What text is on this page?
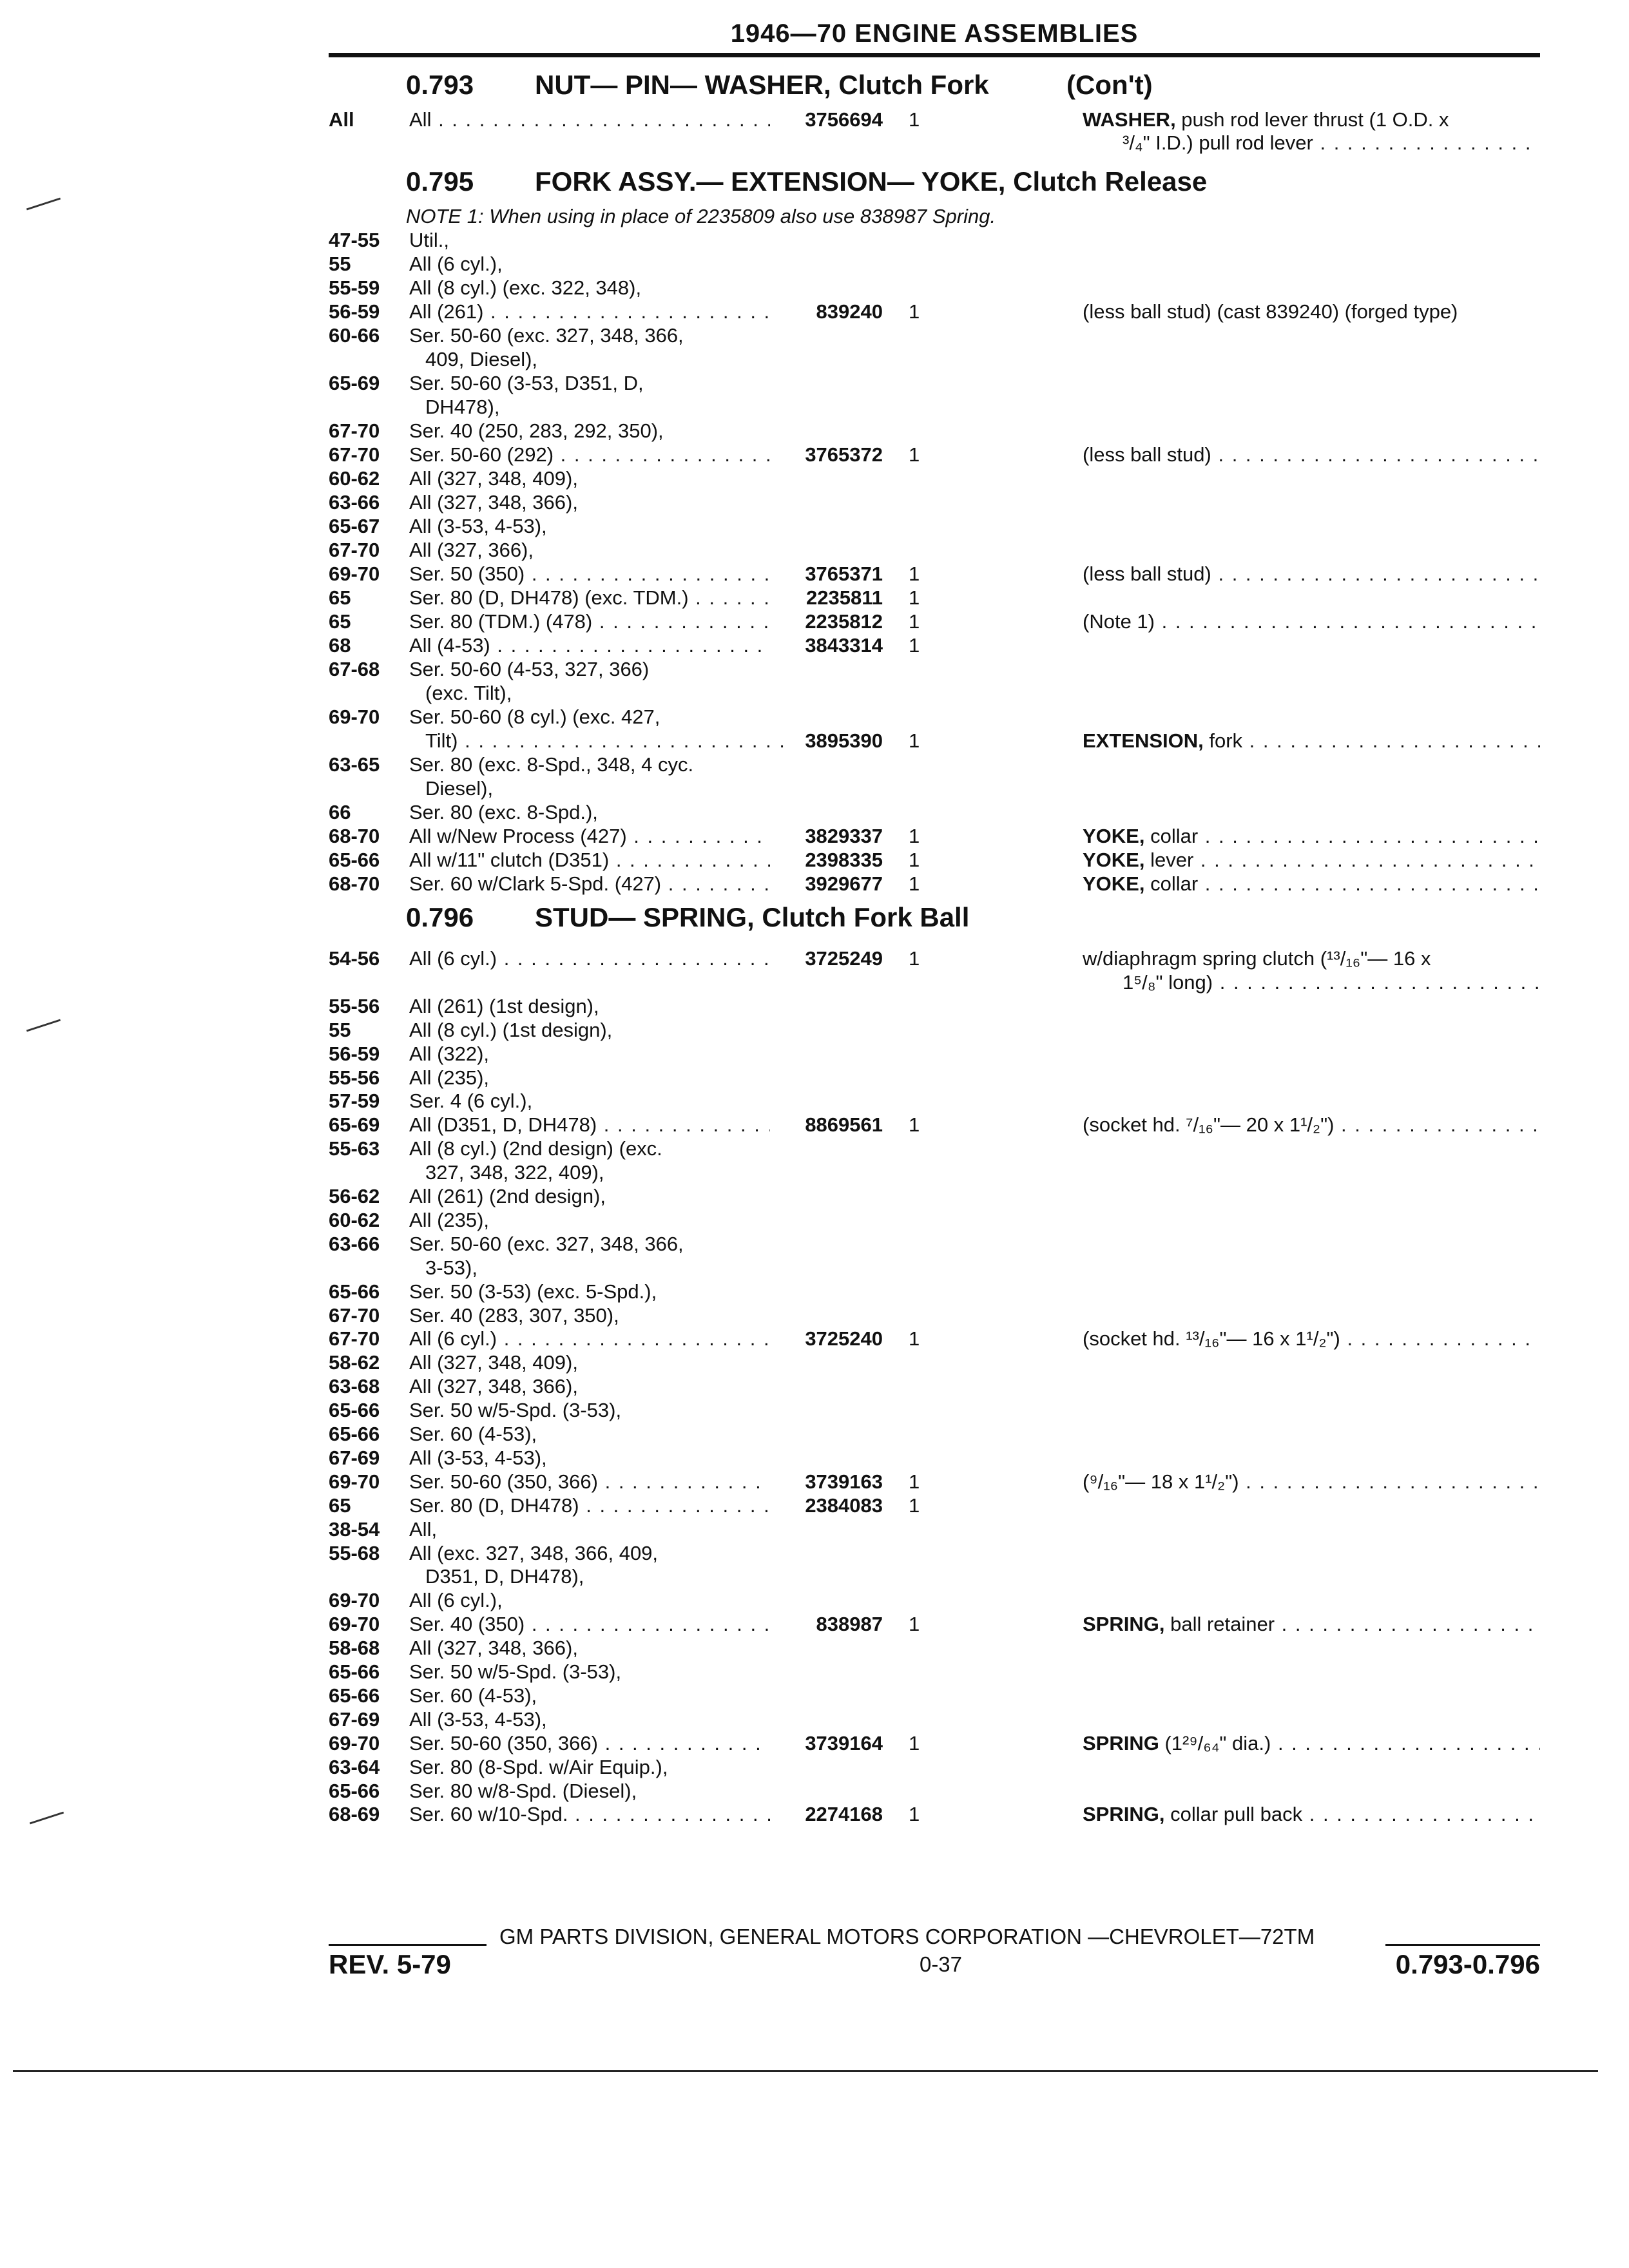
1946—70 ENGINE ASSEMBLIES
0.793 NUT— PIN— WASHER, Clutch Fork	(Con't)
All	All . . .	3756694 1	WASHER, push rod lever thrust (1 O.D. x
³/₄" I.D.) pull rod lever . . .
0.795 FORK ASSY.— EXTENSION— YOKE, Clutch Release
NOTE 1: When using in place of 2235809 also use 838987 Spring.
47-55	Util.,
55	All (6 cyl.),
55-59	All (8 cyl.) (exc. 322, 348),
56-59	All (261) . . .	839240 1	(less ball stud) (cast 839240) (forged type)
60-66	Ser. 50-60 (exc. 327, 348, 366,
409, Diesel),
65-69	Ser. 50-60 (3-53, D351, D,
DH478),
67-70	Ser. 40 (250, 283, 292, 350),
67-70	Ser. 50-60 (292) . . .	3765372 1	(less ball stud) . . .
60-62	All (327, 348, 409),
63-66	All (327, 348, 366),
65-67	All (3-53, 4-53),
67-70	All (327, 366),
69-70	Ser. 50 (350) . . .	3765371 1	(less ball stud) . . .
65	Ser. 80 (D, DH478) (exc. TDM.) . . .	2235811 1
65	Ser. 80 (TDM.) (478) . . .	2235812 1	(Note 1) . . .
68	All (4-53) . . .	3843314 1
67-68	Ser. 50-60 (4-53, 327, 366)
(exc. Tilt),
69-70	Ser. 50-60 (8 cyl.) (exc. 427,
Tilt) . . .	3895390 1	EXTENSION, fork . . .
63-65	Ser. 80 (exc. 8-Spd., 348, 4 cyc.
Diesel),
66	Ser. 80 (exc. 8-Spd.),
68-70	All w/New Process (427) . . .	3829337 1	YOKE, collar . . .
65-66	All w/11" clutch (D351) . . .	2398335 1	YOKE, lever . . .
68-70	Ser. 60 w/Clark 5-Spd. (427) . . .	3929677 1	YOKE, collar . . .
0.796 STUD— SPRING, Clutch Fork Ball
54-56	All (6 cyl.) . . .	3725249 1	w/diaphragm spring clutch (¹³/₁₆"— 16 x
1⁵/₈" long) . . .
55-56	All (261) (1st design),
55	All (8 cyl.) (1st design),
56-59	All (322),
55-56	All (235),
57-59	Ser. 4 (6 cyl.),
65-69	All (D351, D, DH478) . . .	8869561 1	(socket hd. ⁷/₁₆"— 20 x 1¹/₂") . . .
55-63	All (8 cyl.) (2nd design) (exc.
327, 348, 322, 409),
56-62	All (261) (2nd design),
60-62	All (235),
63-66	Ser. 50-60 (exc. 327, 348, 366,
3-53),
65-66	Ser. 50 (3-53) (exc. 5-Spd.),
67-70	Ser. 40 (283, 307, 350),
67-70	All (6 cyl.) . . .	3725240 1	(socket hd. ¹³/₁₆"— 16 x 1¹/₂") . . .
58-62	All (327, 348, 409),
63-68	All (327, 348, 366),
65-66	Ser. 50 w/5-Spd. (3-53),
65-66	Ser. 60 (4-53),
67-69	All (3-53, 4-53),
69-70	Ser. 50-60 (350, 366) . . .	3739163 1	(⁹/₁₆"— 18 x 1¹/₂") . . .
65	Ser. 80 (D, DH478) . . .	2384083 1
38-54	All,
55-68	All (exc. 327, 348, 366, 409,
D351, D, DH478),
69-70	All (6 cyl.),
69-70	Ser. 40 (350) . . .	838987 1	SPRING, ball retainer . . .
58-68	All (327, 348, 366),
65-66	Ser. 50 w/5-Spd. (3-53),
65-66	Ser. 60 (4-53),
67-69	All (3-53, 4-53),
69-70	Ser. 50-60 (350, 366) . . .	3739164 1	SPRING (1²⁹/₆₄" dia.) . . .
63-64	Ser. 80 (8-Spd. w/Air Equip.),
65-66	Ser. 80 w/8-Spd. (Diesel),
68-69	Ser. 60 w/10-Spd. . . .	2274168 1	SPRING, collar pull back . . .
GM PARTS DIVISION, GENERAL MOTORS CORPORATION —CHEVROLET—72TM
REV. 5-79	0-37	0.793-0.796
